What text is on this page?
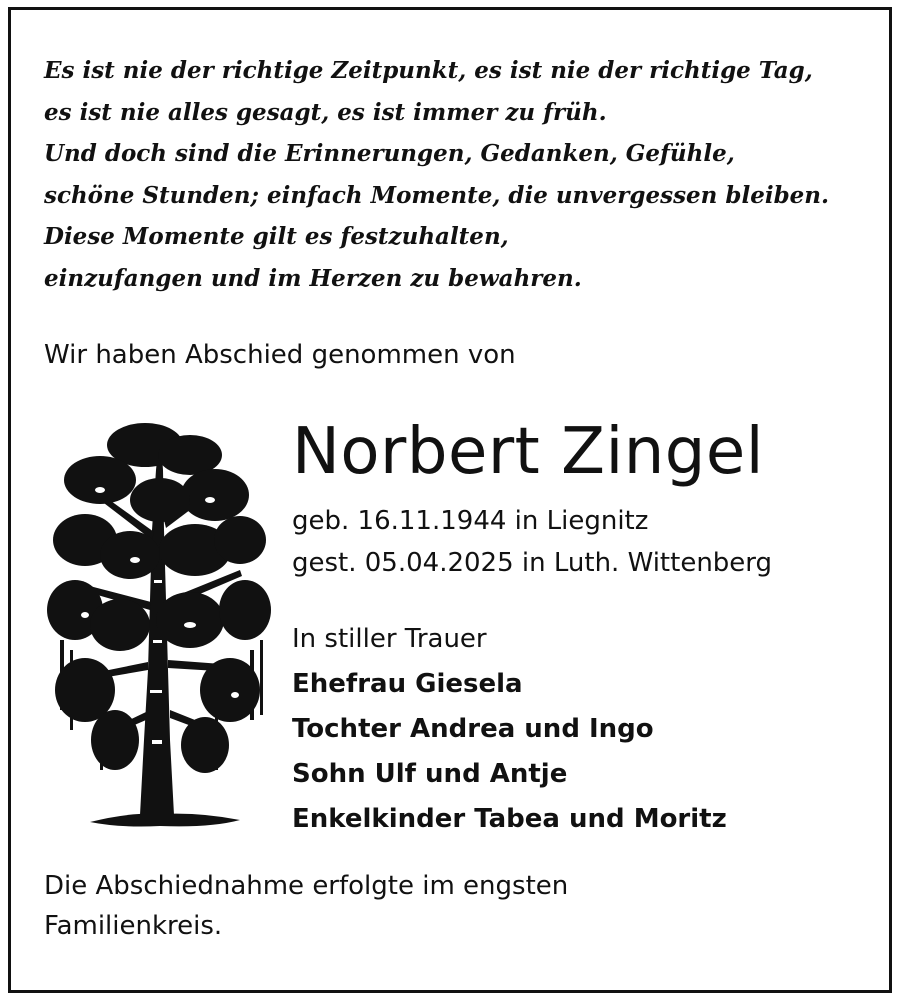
Es ist nie der richtige Zeitpunkt, es ist nie der richtige Tag,
es ist nie alles gesagt, es ist immer zu früh.
Und doch sind die Erinnerungen, Gedanken, Gefühle,
schöne Stunden; einfach Momente, die unvergessen bleiben.
Diese Momente gilt es festzuhalten,
einzufangen und im Herzen zu bewahren.
Wir haben Abschied genommen von
Norbert Zingel
geb. 16.11.1944 in Liegnitz
gest. 05.04.2025 in Luth. Wittenberg
In stiller Trauer
Ehefrau Giesela
Tochter Andrea und Ingo
Sohn Ulf und Antje
Enkelkinder Tabea und Moritz
Die Abschiednahme erfolgte im engsten
Familienkreis.
